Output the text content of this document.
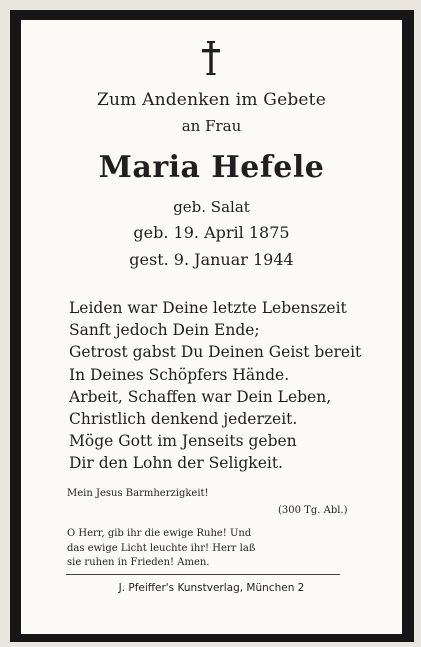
Zum Andenken im Gebete
an Frau
Maria Hefele
geb. Salat
geb. 19. April 1875
gest. 9. Januar 1944
Leiden war Deine letzte Lebenszeit
Sanft jedoch Dein Ende;
Getrost gabst Du Deinen Geist bereit
In Deines Schöpfers Hände.
Arbeit, Schaffen war Dein Leben,
Christlich denkend jederzeit.
Möge Gott im Jenseits geben
Dir den Lohn der Seligkeit.
Mein Jesus Barmherzigkeit!
(300 Tg. Abl.)
O Herr, gib ihr die ewige Ruhe! Und
das ewige Licht leuchte ihr! Herr laß
sie ruhen in Frieden! Amen.
J. Pfeiffer's Kunstverlag, München 2
